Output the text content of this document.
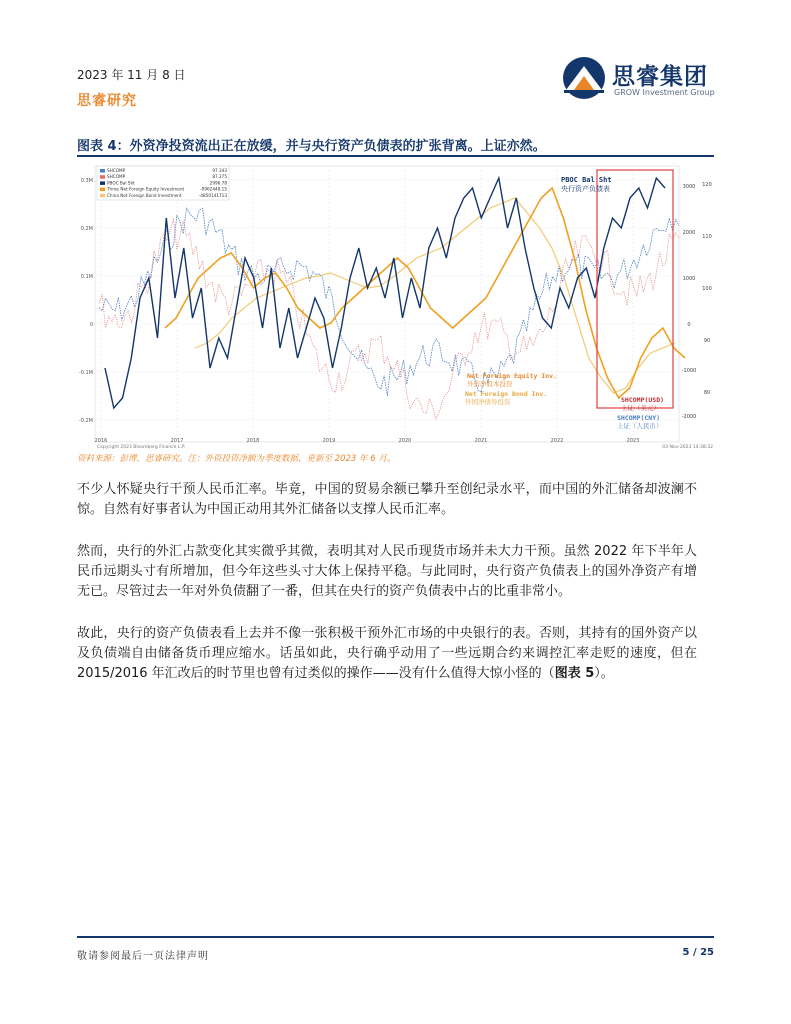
2023 年 11 月 8 日
思睿研究
思睿集团
GROW Investment Group
图表 4：外资净投资流出正在放缓，并与央行资产负债表的扩张背离。上证亦然。
0.3M
0.2M
0.1M
0
-0.1M
-0.2M
3000
2000
1000
0
-1000
-2000
120
110
100
90
80
2016	2017	2018	2019	2020	2021	2022	2023
SHCOMP	97.343
SHCOMP	87.275
PBOC Bal Sht	2996.78
Three Net Foreign Equity Investment	-9962448.15
China Net Foreign Bond Investment	-4850141713
PBOC Bal Sht
央行资产负债表
Net Foreign Equity Inv.
外资净股本投资
Net Foreign Bond Inv.
外国净债券投资	SHCOMP(USD)
上证（美元）
SHCOMP(CNY)
上证（人民币）
Copyright 2023 Bloomberg Finance L.P.	03-Nov-2023 14:38:32
资料来源：彭博，思睿研究。注：外资投资净额为季度数据，更新至 2023 年 6 月。
不少人怀疑央行干预人民币汇率。毕竟，中国的贸易余额已攀升至创纪录水平，而中国的外汇储备却波澜不惊。自然有好事者认为中国正动用其外汇储备以支撑人民币汇率。
然而，央行的外汇占款变化其实微乎其微，表明其对人民币现货市场并未大力干预。虽然 2022 年下半年人民币远期头寸有所增加，但今年这些头寸大体上保持平稳。与此同时，央行资产负债表上的国外净资产有增无已。尽管过去一年对外负债翻了一番，但其在央行的资产负债表中占的比重非常小。
故此，央行的资产负债表看上去并不像一张积极干预外汇市场的中央银行的表。否则，其持有的国外资产以及负债端自由储备货币理应缩水。话虽如此，央行确乎动用了一些远期合约来调控汇率走贬的速度，但在 2015/2016 年汇改后的时节里也曾有过类似的操作——没有什么值得大惊小怪的（图表 5）。
敬请参阅最后一页法律声明	5 / 25
